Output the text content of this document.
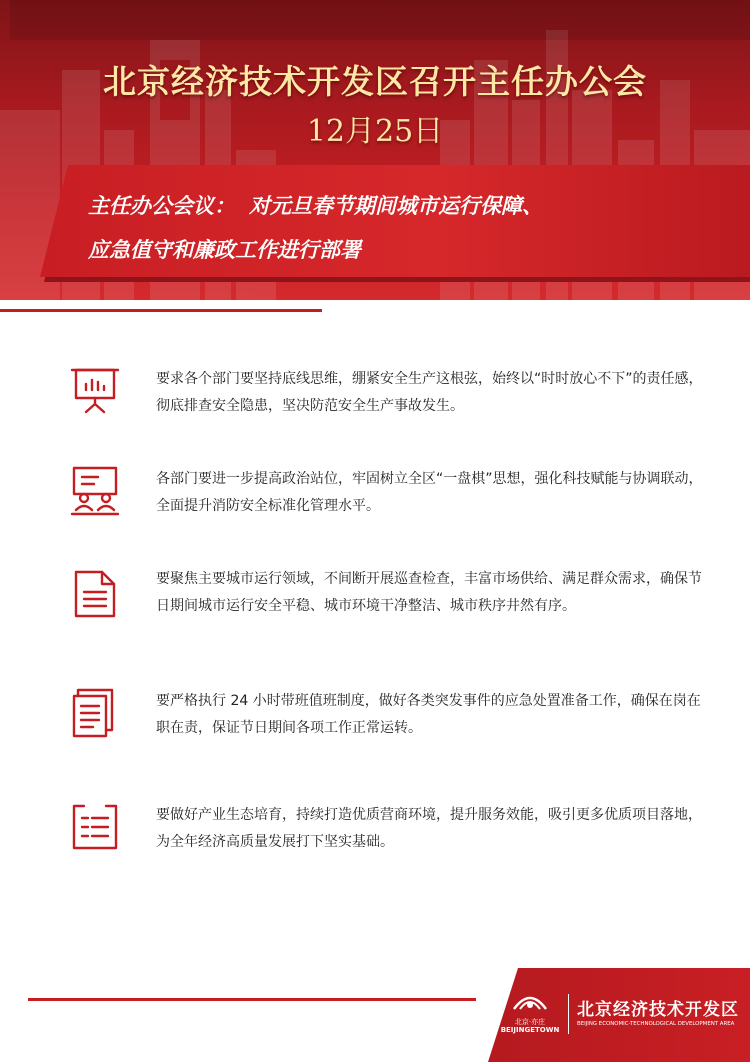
北京经济技术开发区召开主任办公会
12月25日
主任办公会议： 对元旦春节期间城市运行保障、
应急值守和廉政工作进行部署
要求各个部门要坚持底线思维，绷紧安全生产这根弦，始终以“时时放心不下”的责任感，彻底排查安全隐患，坚决防范安全生产事故发生。
各部门要进一步提高政治站位，牢固树立全区“一盘棋”思想，强化科技赋能与协调联动，全面提升消防安全标准化管理水平。
要聚焦主要城市运行领域，不间断开展巡查检查，丰富市场供给、满足群众需求，确保节日期间城市运行安全平稳、城市环境干净整洁、城市秩序井然有序。
要严格执行 24 小时带班值班制度，做好各类突发事件的应急处置准备工作，确保在岗在职在责，保证节日期间各项工作正常运转。
要做好产业生态培育，持续打造优质营商环境，提升服务效能，吸引更多优质项目落地，为全年经济高质量发展打下坚实基础。
北京·亦庄
BEIJINGETOWN
北京经济技术开发区
BEIJING ECONOMIC-TECHNOLOGICAL DEVELOPMENT AREA
